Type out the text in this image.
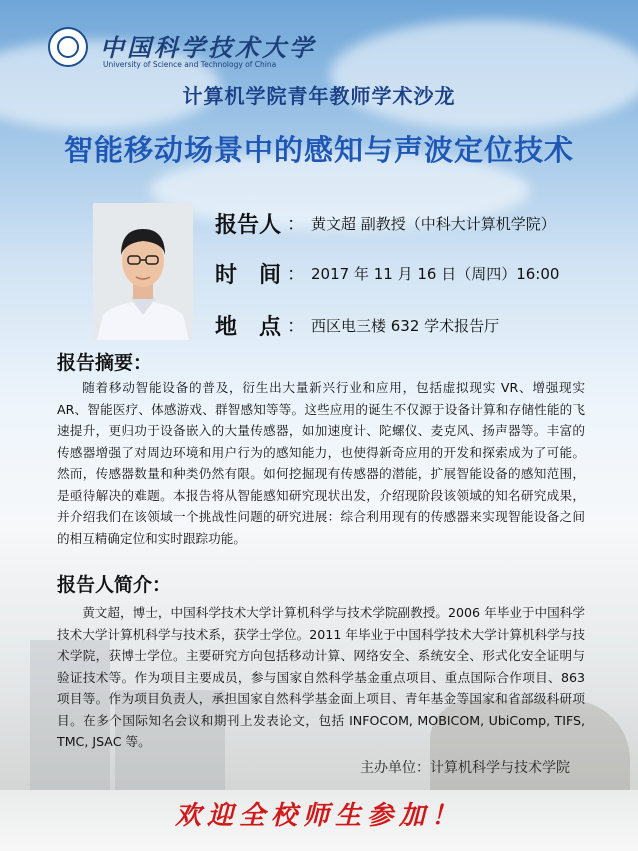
中国科学技术大学
University of Science and Technology of China
计算机学院青年教师学术沙龙
智能移动场景中的感知与声波定位技术
报告人 ： 黄文超 副教授（中科大计算机学院）
时　间 ： 2017 年 11 月 16 日（周四）16:00
地　点 ： 西区电三楼 632 学术报告厅
报告摘要：
随着移动智能设备的普及，衍生出大量新兴行业和应用，包括虚拟现实 VR、增强现实 AR、智能医疗、体感游戏、群智感知等等。这些应用的诞生不仅源于设备计算和存储性能的飞速提升，更归功于设备嵌入的大量传感器，如加速度计、陀螺仪、麦克风、扬声器等。丰富的传感器增强了对周边环境和用户行为的感知能力，也使得新奇应用的开发和探索成为了可能。然而，传感器数量和种类仍然有限。如何挖掘现有传感器的潜能，扩展智能设备的感知范围，是亟待解决的难题。本报告将从智能感知研究现状出发，介绍现阶段该领域的知名研究成果，并介绍我们在该领域一个挑战性问题的研究进展：综合利用现有的传感器来实现智能设备之间的相互精确定位和实时跟踪功能。
报告人简介：
黄文超，博士，中国科学技术大学计算机科学与技术学院副教授。2006 年毕业于中国科学技术大学计算机科学与技术系，获学士学位。2011 年毕业于中国科学技术大学计算机科学与技术学院，获博士学位。主要研究方向包括移动计算、网络安全、系统安全、形式化安全证明与验证技术等。作为项目主要成员，参与国家自然科学基金重点项目、重点国际合作项目、863 项目等。作为项目负责人，承担国家自然科学基金面上项目、青年基金等国家和省部级科研项目。在多个国际知名会议和期刊上发表论文，包括 INFOCOM, MOBICOM, UbiComp, TIFS, TMC, JSAC 等。
主办单位：计算机科学与技术学院
欢迎全校师生参加！
